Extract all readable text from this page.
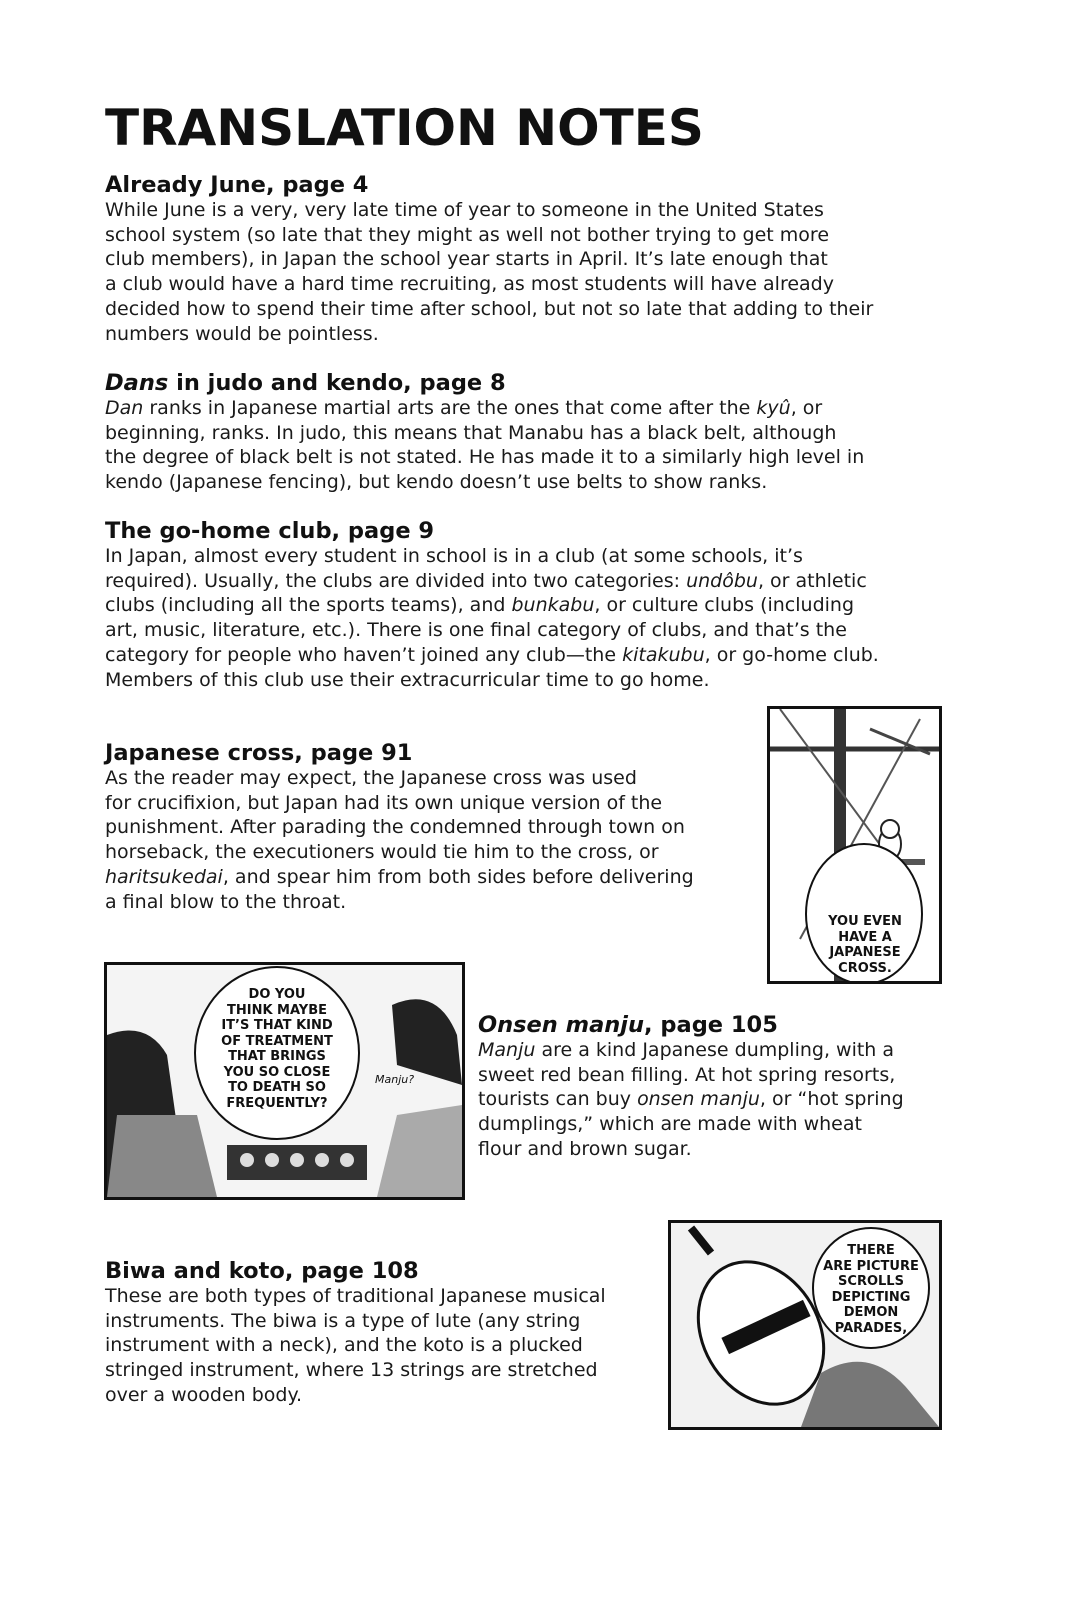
TRANSLATION NOTES
Already June, page 4

While June is a very, very late time of year to someone in the United States

school system (so late that they might as well not bother trying to get more

club members), in Japan the school year starts in April. It’s late enough that

a club would have a hard time recruiting, as most students will have already

decided how to spend their time after school, but not so late that adding to their

numbers would be pointless.

Dans in judo and kendo, page 8

Dan ranks in Japanese martial arts are the ones that come after the kyû, or

beginning, ranks. In judo, this means that Manabu has a black belt, although

the degree of black belt is not stated. He has made it to a similarly high level in

kendo (Japanese fencing), but kendo doesn’t use belts to show ranks.

The go-home club, page 9

In Japan, almost every student in school is in a club (at some schools, it’s

required). Usually, the clubs are divided into two categories: undôbu, or athletic

clubs (including all the sports teams), and bunkabu, or culture clubs (including

art, music, literature, etc.). There is one final category of clubs, and that’s the

category for people who haven’t joined any club—the kitakubu, or go-home club.

Members of this club use their extracurricular time to go home.

Japanese cross, page 91

As the reader may expect, the Japanese cross was used

for crucifixion, but Japan had its own unique version of the

punishment. After parading the condemned through town on

horseback, the executioners would tie him to the cross, or

haritsukedai, and spear him from both sides before delivering

a final blow to the throat.

Onsen manju, page 105

Manju are a kind Japanese dumpling, with a

sweet red bean filling. At hot spring resorts,

tourists can buy onsen manju, or “hot spring

dumplings,” which are made with wheat

flour and brown sugar.

Biwa and koto, page 108

These are both types of traditional Japanese musical

instruments. The biwa is a type of lute (any string

instrument with a neck), and the koto is a plucked

stringed instrument, where 13 strings are stretched

over a wooden body.

YOU EVEN
HAVE A
JAPANESE
CROSS.
DO YOU
THINK MAYBE
IT’S THAT KIND
OF TREATMENT
THAT BRINGS
YOU SO CLOSE
TO DEATH SO
FREQUENTLY?
Manju?
THERE
ARE PICTURE
SCROLLS
DEPICTING
DEMON
PARADES,
